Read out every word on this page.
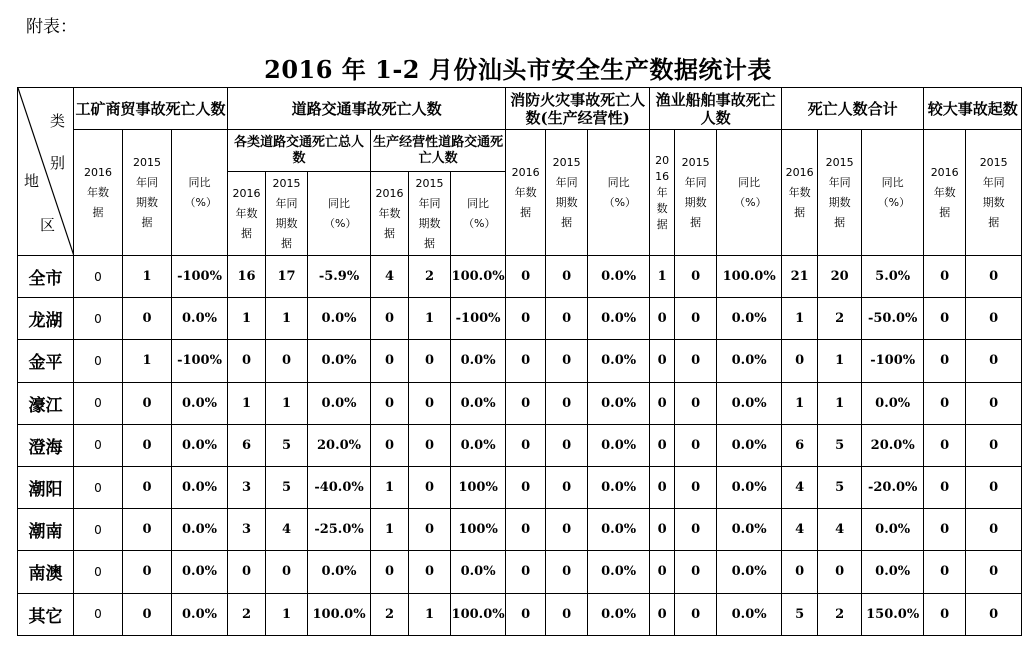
附表：
2016 年 1-2 月份汕头市安全生产数据统计表
类
别
地
区	工矿商贸事故死亡人数			道路交通事故死亡人数						消防火灾事故死亡人数(生产经营性)			渔业船舶事故死亡人数			死亡人数合计			较大事故起数	

	2016年数据	2015年同期数据	同比（%）	各类道路交通死亡总人数			生产经营性道路交通死亡人数			2016年数据	2015年同期数据	同比（%）	2016年数据	2015年同期数据	同比（%）	2016年数据	2015年同期数据	同比（%）	2016年数据	2015年同期数据

				2016年数据	2015年同期数据	同比（%）	2016年数据	2015年同期数据	同比（%）											

全市	0	1	-100%	16	17	-5.9%	4	2	100.0%	0	0	0.0%	1	0	100.0%	21	20	5.0%	0	0
龙湖	0	0	0.0%	1	1	0.0%	0	1	-100%	0	0	0.0%	0	0	0.0%	1	2	-50.0%	0	0
金平	0	1	-100%	0	0	0.0%	0	0	0.0%	0	0	0.0%	0	0	0.0%	0	1	-100%	0	0
濠江	0	0	0.0%	1	1	0.0%	0	0	0.0%	0	0	0.0%	0	0	0.0%	1	1	0.0%	0	0
澄海	0	0	0.0%	6	5	20.0%	0	0	0.0%	0	0	0.0%	0	0	0.0%	6	5	20.0%	0	0
潮阳	0	0	0.0%	3	5	-40.0%	1	0	100%	0	0	0.0%	0	0	0.0%	4	5	-20.0%	0	0
潮南	0	0	0.0%	3	4	-25.0%	1	0	100%	0	0	0.0%	0	0	0.0%	4	4	0.0%	0	0
南澳	0	0	0.0%	0	0	0.0%	0	0	0.0%	0	0	0.0%	0	0	0.0%	0	0	0.0%	0	0
其它	0	0	0.0%	2	1	100.0%	2	1	100.0%	0	0	0.0%	0	0	0.0%	5	2	150.0%	0	0
